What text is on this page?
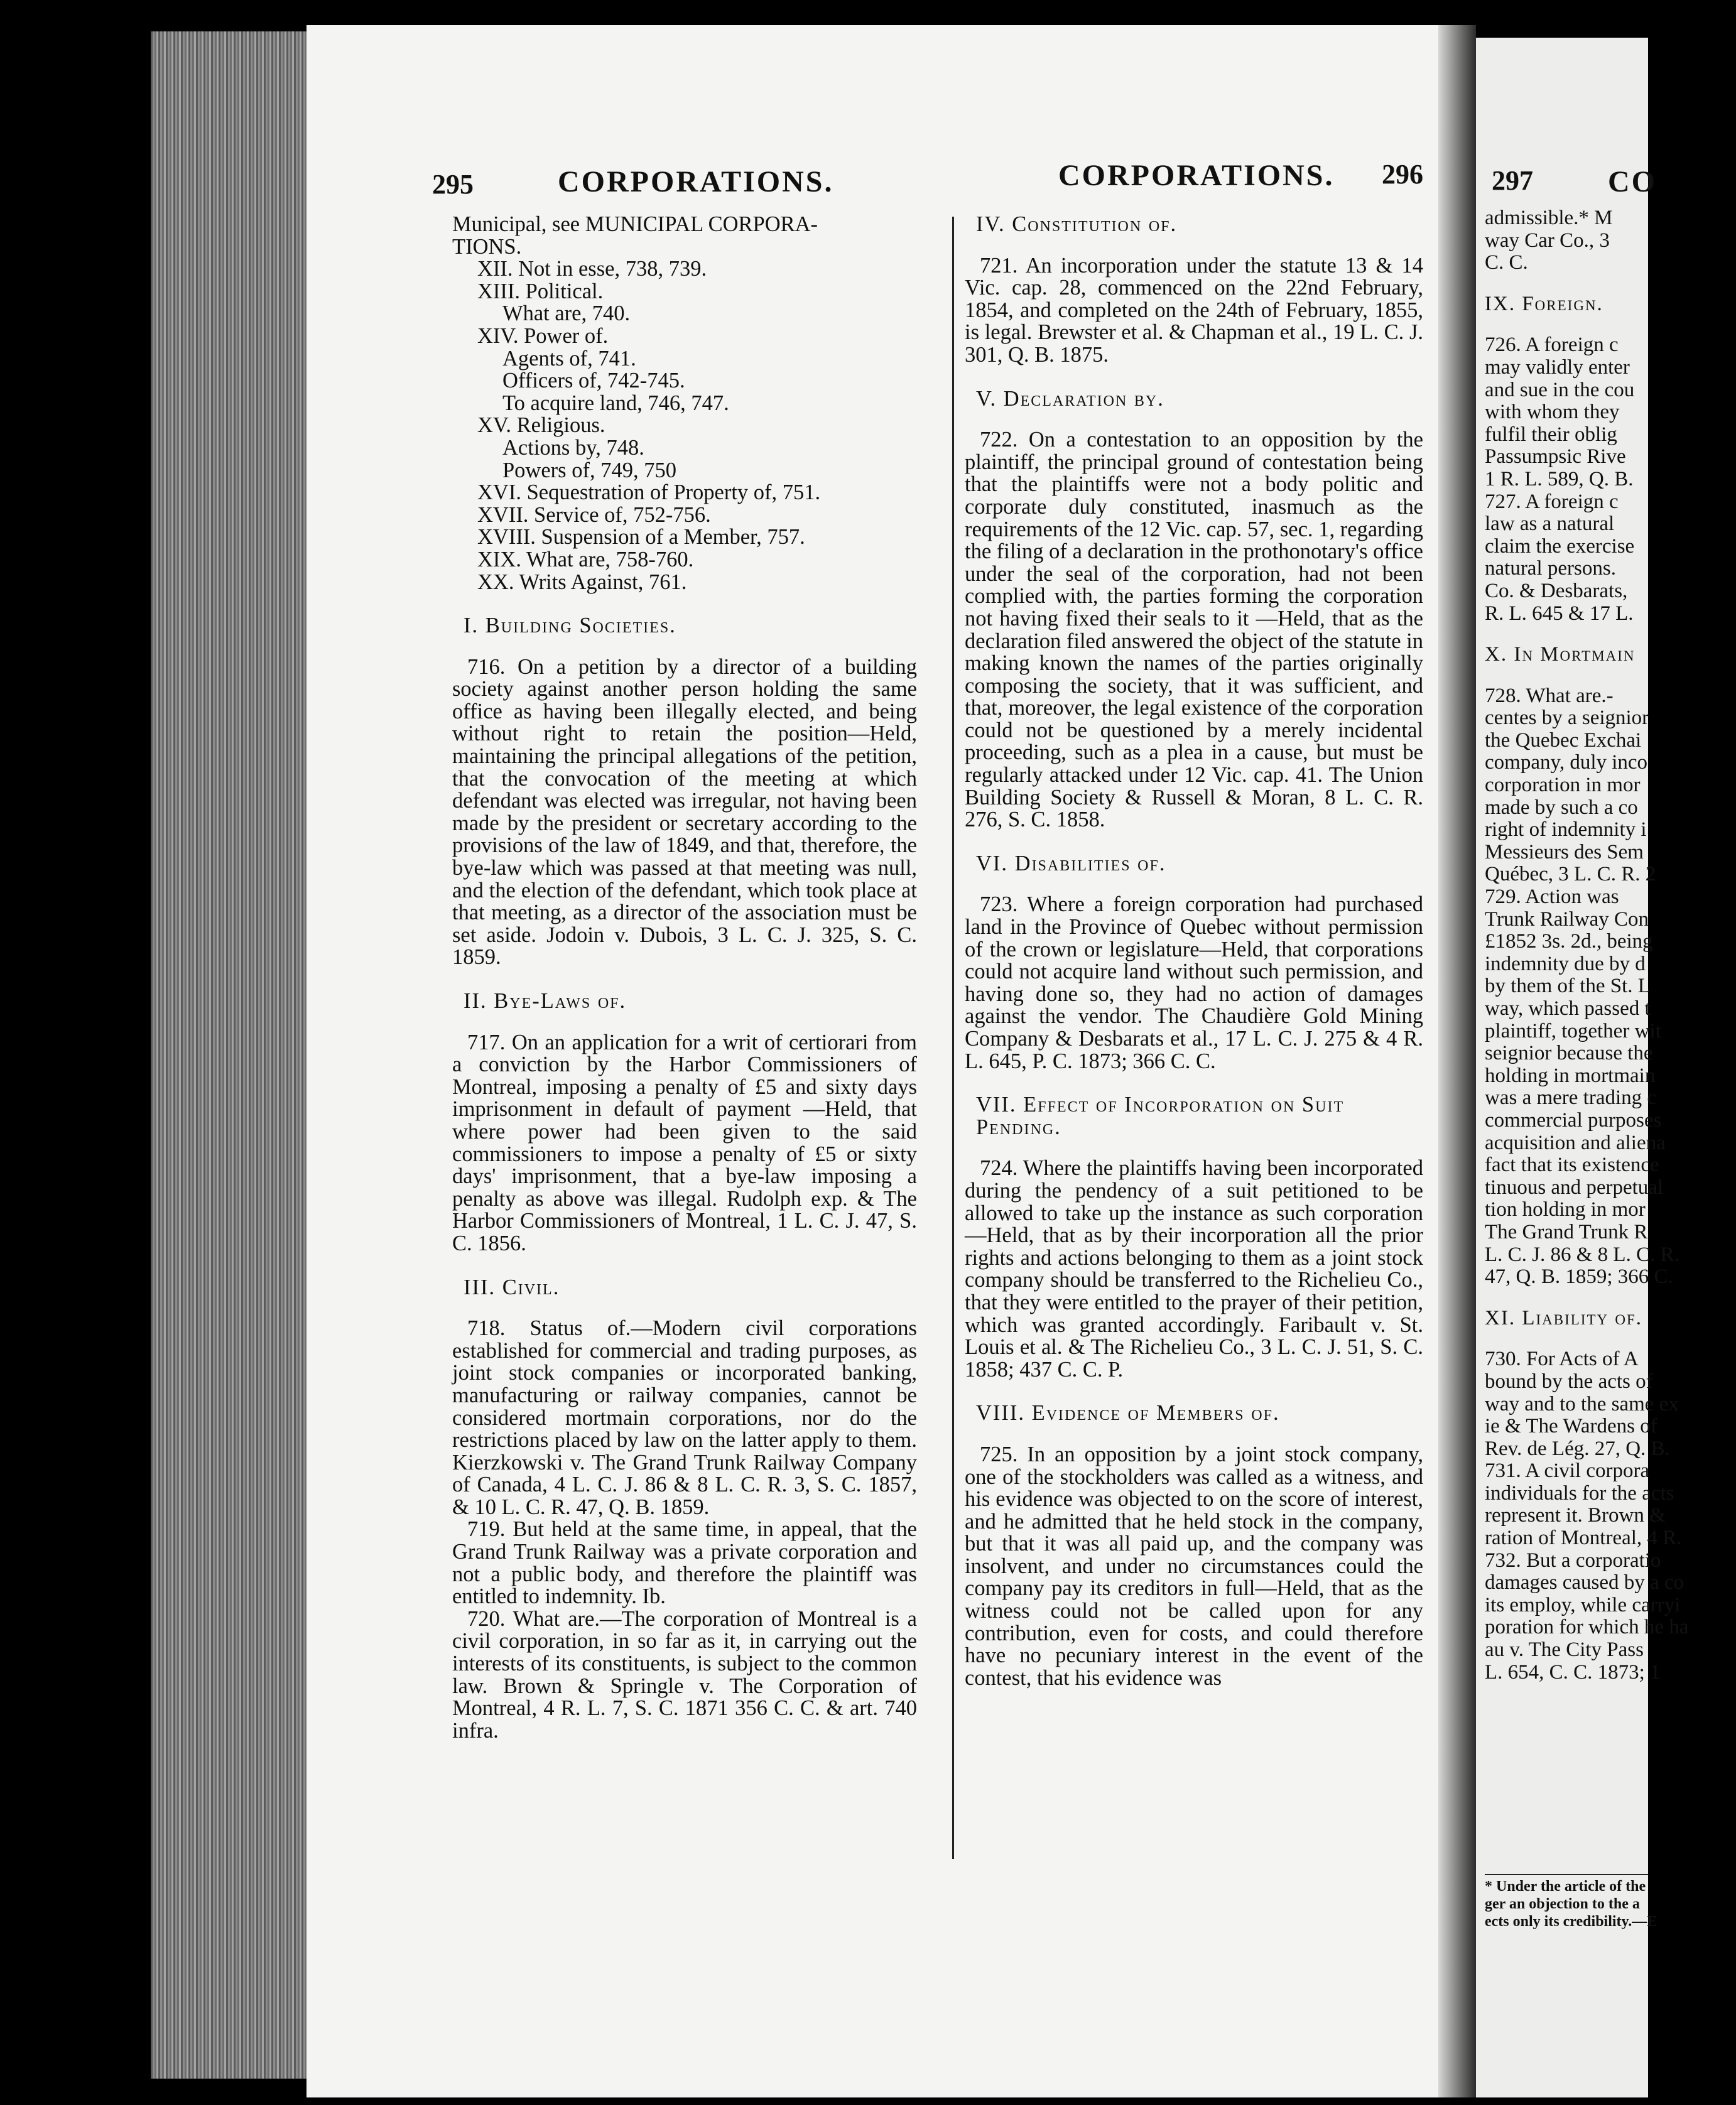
295	CORPORATIONS.	CORPORATIONS. 296 297 CO

Municipal, see MUNICIPAL CORPORA-

TIONS.

XII. Not in esse, 738, 739.

XIII. Political.

What are, 740.

XIV. Power of.

Agents of, 741.

Officers of, 742-745.

To acquire land, 746, 747.

XV. Religious.

Actions by, 748.

Powers of, 749, 750

XVI. Sequestration of Property of, 751.

XVII. Service of, 752-756.

XVIII. Suspension of a Member, 757.

XIX. What are, 758-760.

XX. Writs Against, 761.

I. Building Societies.

716. On a petition by a director of a building society against another person holding the same office as having been illegally elected, and being without right to retain the position—Held, maintaining the principal allegations of the petition, that the convocation of the meeting at which defendant was elected was irregular, not having been made by the president or secretary according to the provisions of the law of 1849, and that, therefore, the bye-law which was passed at that meeting was null, and the election of the defendant, which took place at that meeting, as a director of the association must be set aside. Jodoin v. Dubois, 3 L. C. J. 325, S. C. 1859.

II. Bye-Laws of.

717. On an application for a writ of certiorari from a conviction by the Harbor Commissioners of Montreal, imposing a penalty of £5 and sixty days imprisonment in default of payment —Held, that where power had been given to the said commissioners to impose a penalty of £5 or sixty days' imprisonment, that a bye-law imposing a penalty as above was illegal. Rudolph exp. & The Harbor Commissioners of Montreal, 1 L. C. J. 47, S. C. 1856.

III. Civil.

718. Status of.—Modern civil corporations established for commercial and trading purposes, as joint stock companies or incorporated banking, manufacturing or railway companies, cannot be considered mortmain corporations, nor do the restrictions placed by law on the latter apply to them. Kierzkowski v. The Grand Trunk Railway Company of Canada, 4 L. C. J. 86 & 8 L. C. R. 3, S. C. 1857, & 10 L. C. R. 47, Q. B. 1859.

719. But held at the same time, in appeal, that the Grand Trunk Railway was a private corporation and not a public body, and therefore the plaintiff was entitled to indemnity. Ib.

720. What are.—The corporation of Montreal is a civil corporation, in so far as it, in carrying out the interests of its constituents, is subject to the common law. Brown & Springle v. The Corporation of Montreal, 4 R. L. 7, S. C. 1871 356 C. C. & art. 740 infra.

IV. Constitution of.

721. An incorporation under the statute 13 & 14 Vic. cap. 28, commenced on the 22nd February, 1854, and completed on the 24th of February, 1855, is legal. Brewster et al. & Chapman et al., 19 L. C. J. 301, Q. B. 1875.

V. Declaration by.

722. On a contestation to an opposition by the plaintiff, the principal ground of contestation being that the plaintiffs were not a body politic and corporate duly constituted, inasmuch as the requirements of the 12 Vic. cap. 57, sec. 1, regarding the filing of a declaration in the prothonotary's office under the seal of the corporation, had not been complied with, the parties forming the corporation not having fixed their seals to it —Held, that as the declaration filed answered the object of the statute in making known the names of the parties originally composing the society, that it was sufficient, and that, moreover, the legal existence of the corporation could not be questioned by a merely incidental proceeding, such as a plea in a cause, but must be regularly attacked under 12 Vic. cap. 41. The Union Building Society & Russell & Moran, 8 L. C. R. 276, S. C. 1858.

VI. Disabilities of.

723. Where a foreign corporation had purchased land in the Province of Quebec without permission of the crown or legislature—Held, that corporations could not acquire land without such permission, and having done so, they had no action of damages against the vendor. The Chaudière Gold Mining Company & Desbarats et al., 17 L. C. J. 275 & 4 R. L. 645, P. C. 1873; 366 C. C.

VII. Effect of Incorporation on Suit Pending.

724. Where the plaintiffs having been incorporated during the pendency of a suit petitioned to be allowed to take up the instance as such corporation—Held, that as by their incorporation all the prior rights and actions belonging to them as a joint stock company should be transferred to the Richelieu Co., that they were entitled to the prayer of their petition, which was granted accordingly. Faribault v. St. Louis et al. & The Richelieu Co., 3 L. C. J. 51, S. C. 1858; 437 C. C. P.

VIII. Evidence of Members of.

725. In an opposition by a joint stock company, one of the stockholders was called as a witness, and his evidence was objected to on the score of interest, and he admitted that he held stock in the company, but that it was all paid up, and the company was insolvent, and under no circumstances could the company pay its creditors in full—Held, that as the witness could not be called upon for any contribution, even for costs, and could therefore have no pecuniary interest in the event of the contest, that his evidence was

admissible.* M
way Car Co., 3
C. C.
IX. Foreign.
726. A foreign c
may validly enter
and sue in the cou
with whom they
fulfil their oblig
Passumpsic Rive
1 R. L. 589, Q. B.
727. A foreign c
law as a natural
claim the exercise
natural persons.
Co. & Desbarats,
R. L. 645 & 17 L.
X. In Mortmain
728. What are.-
centes by a seignior
the Quebec Exchai
company, duly inco
corporation in mor
made by such a co
right of indemnity i
Messieurs des Sem
Québec, 3 L. C. R. 2
729. Action was
Trunk Railway Con
£1852 3s. 2d., being
indemnity due by d
by them of the St. L
way, which passed t
plaintiff, together wit
seignior because the
holding in mortmain
was a mere trading c
commercial purposes
acquisition and aliena
fact that its existence
tinuous and perpetual
tion holding in mor
The Grand Trunk R
L. C. J. 86 & 8 L. C. R.
47, Q. B. 1859; 366 C.
XI. Liability of.
730. For Acts of A
bound by the acts of
way and to the same ex
ie & The Wardens of
Rev. de Lég. 27, Q. B.
731. A civil corpora
individuals for the acts
represent it. Brown &
ration of Montreal, 4 R.
732. But a corporatio
damages caused by a co
its employ, while carryi
poration for which he ha
au v. The City Pass
L. 654, C. C. 1873; 1
* Under the article of the
ger an objection to the a
ects only its credibility.—E
